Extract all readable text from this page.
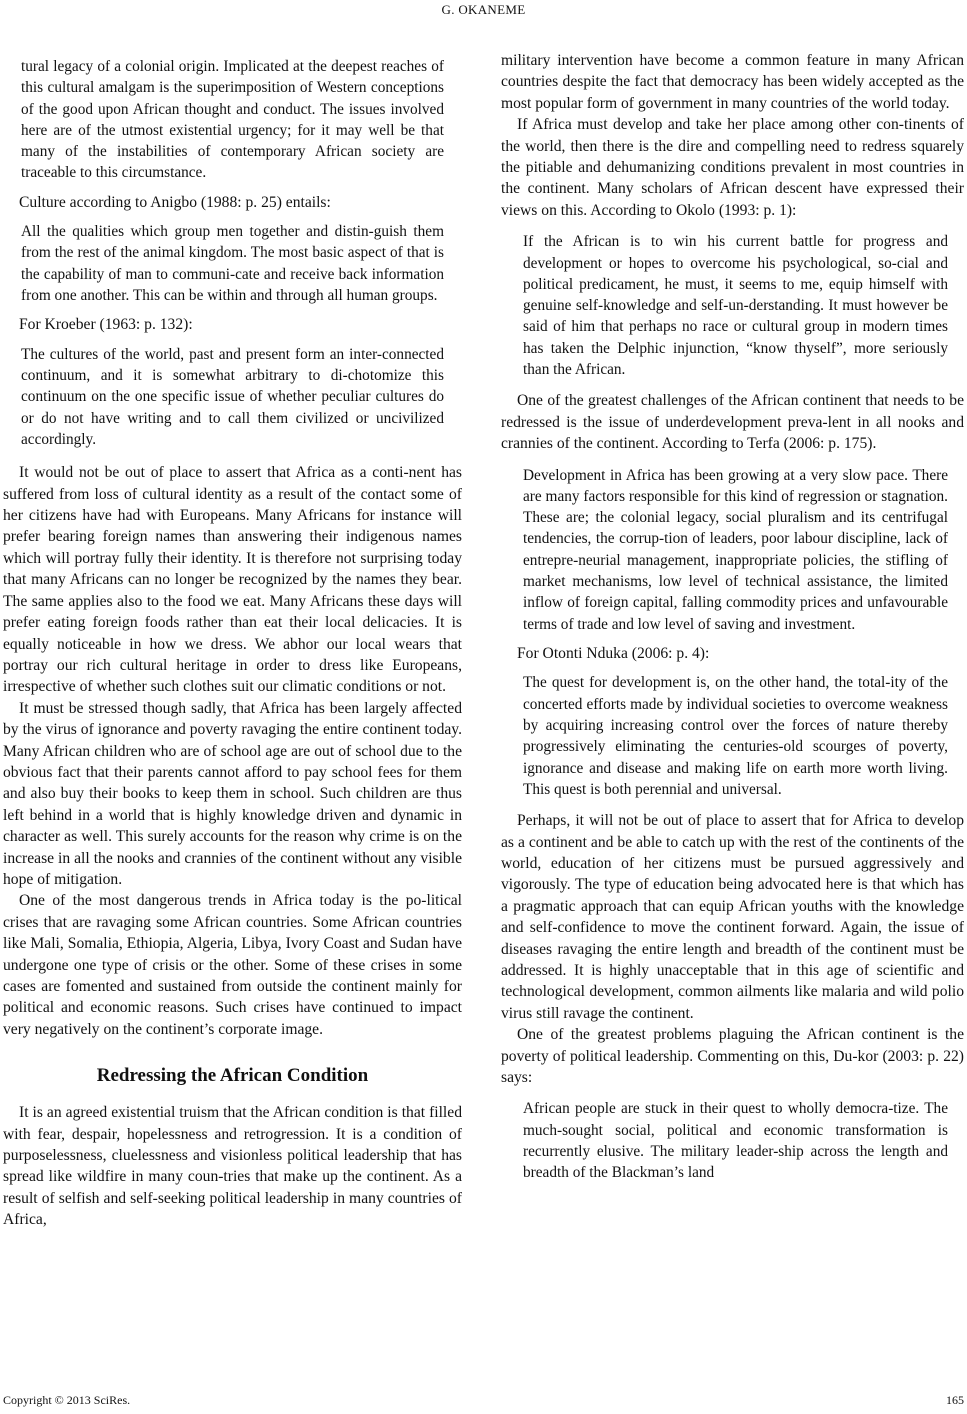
G. OKANEME
tural legacy of a colonial origin. Implicated at the deepest reaches of this cultural amalgam is the superimposition of Western conceptions of the good upon African thought and conduct. The issues involved here are of the utmost existential urgency; for it may well be that many of the instabilities of contemporary African society are traceable to this circumstance.

Culture according to Anigbo (1988: p. 25) entails:

All the qualities which group men together and distin-guish them from the rest of the animal kingdom. The most basic aspect of that is the capability of man to communi-cate and receive back information from one another. This can be within and through all human groups.

For Kroeber (1963: p. 132):

The cultures of the world, past and present form an inter-connected continuum, and it is somewhat arbitrary to di-chotomize this continuum on the one specific issue of whether peculiar cultures do or do not have writing and to call them civilized or uncivilized accordingly.

It would not be out of place to assert that Africa as a conti-nent has suffered from loss of cultural identity as a result of the contact some of her citizens have had with Europeans. Many Africans for instance will prefer bearing foreign names than answering their indigenous names which will portray fully their identity. It is therefore not surprising today that many Africans can no longer be recognized by the names they bear. The same applies also to the food we eat. Many Africans these days will prefer eating foreign foods rather than eat their local delicacies. It is equally noticeable in how we dress. We abhor our local wears that portray our rich cultural heritage in order to dress like Europeans, irrespective of whether such clothes suit our climatic conditions or not.

It must be stressed though sadly, that Africa has been largely affected by the virus of ignorance and poverty ravaging the entire continent today. Many African children who are of school age are out of school due to the obvious fact that their parents cannot afford to pay school fees for them and also buy their books to keep them in school. Such children are thus left behind in a world that is highly knowledge driven and dynamic in character as well. This surely accounts for the reason why crime is on the increase in all the nooks and crannies of the continent without any visible hope of mitigation.

One of the most dangerous trends in Africa today is the po-litical crises that are ravaging some African countries. Some African countries like Mali, Somalia, Ethiopia, Algeria, Libya, Ivory Coast and Sudan have undergone one type of crisis or the other. Some of these crises in some cases are fomented and sustained from outside the continent mainly for political and economic reasons. Such crises have continued to impact very negatively on the continent’s corporate image.

Redressing the African Condition

It is an agreed existential truism that the African condition is that filled with fear, despair, hopelessness and retrogression. It is a condition of purposelessness, cluelessness and visionless political leadership that has spread like wildfire in many coun-tries that make up the continent. As a result of selfish and self-seeking political leadership in many countries of Africa,

military intervention have become a common feature in many African countries despite the fact that democracy has been widely accepted as the most popular form of government in many countries of the world today.

If Africa must develop and take her place among other con-tinents of the world, then there is the dire and compelling need to redress squarely the pitiable and dehumanizing conditions prevalent in most countries in the continent. Many scholars of African descent have expressed their views on this. According to Okolo (1993: p. 1):

If the African is to win his current battle for progress and development or hopes to overcome his psychological, so-cial and political predicament, he must, it seems to me, equip himself with genuine self-knowledge and self-un-derstanding. It must however be said of him that perhaps no race or cultural group in modern times has taken the Delphic injunction, “know thyself”, more seriously than the African.

One of the greatest challenges of the African continent that needs to be redressed is the issue of underdevelopment preva-lent in all nooks and crannies of the continent. According to Terfa (2006: p. 175).

Development in Africa has been growing at a very slow pace. There are many factors responsible for this kind of regression or stagnation. These are; the colonial legacy, social pluralism and its centrifugal tendencies, the corrup-tion of leaders, poor labour discipline, lack of entrepre-neurial management, inappropriate policies, the stifling of market mechanisms, low level of technical assistance, the limited inflow of foreign capital, falling commodity prices and unfavourable terms of trade and low level of saving and investment.

For Otonti Nduka (2006: p. 4):

The quest for development is, on the other hand, the total-ity of the concerted efforts made by individual societies to overcome weakness by acquiring increasing control over the forces of nature thereby progressively eliminating the centuries-old scourges of poverty, ignorance and disease and making life on earth more worth living. This quest is both perennial and universal.

Perhaps, it will not be out of place to assert that for Africa to develop as a continent and be able to catch up with the rest of the continents of the world, education of her citizens must be pursued aggressively and vigorously. The type of education being advocated here is that which has a pragmatic approach that can equip African youths with the knowledge and self-confidence to move the continent forward. Again, the issue of diseases ravaging the entire length and breadth of the continent must be addressed. It is highly unacceptable that in this age of scientific and technological development, common ailments like malaria and wild polio virus still ravage the continent.

One of the greatest problems plaguing the African continent is the poverty of political leadership. Commenting on this, Du-kor (2003: p. 22) says:

African people are stuck in their quest to wholly democra-tize. The much-sought social, political and economic transformation is recurrently elusive. The military leader-ship across the length and breadth of the Blackman’s land
Copyright © 2013 SciRes.	165
